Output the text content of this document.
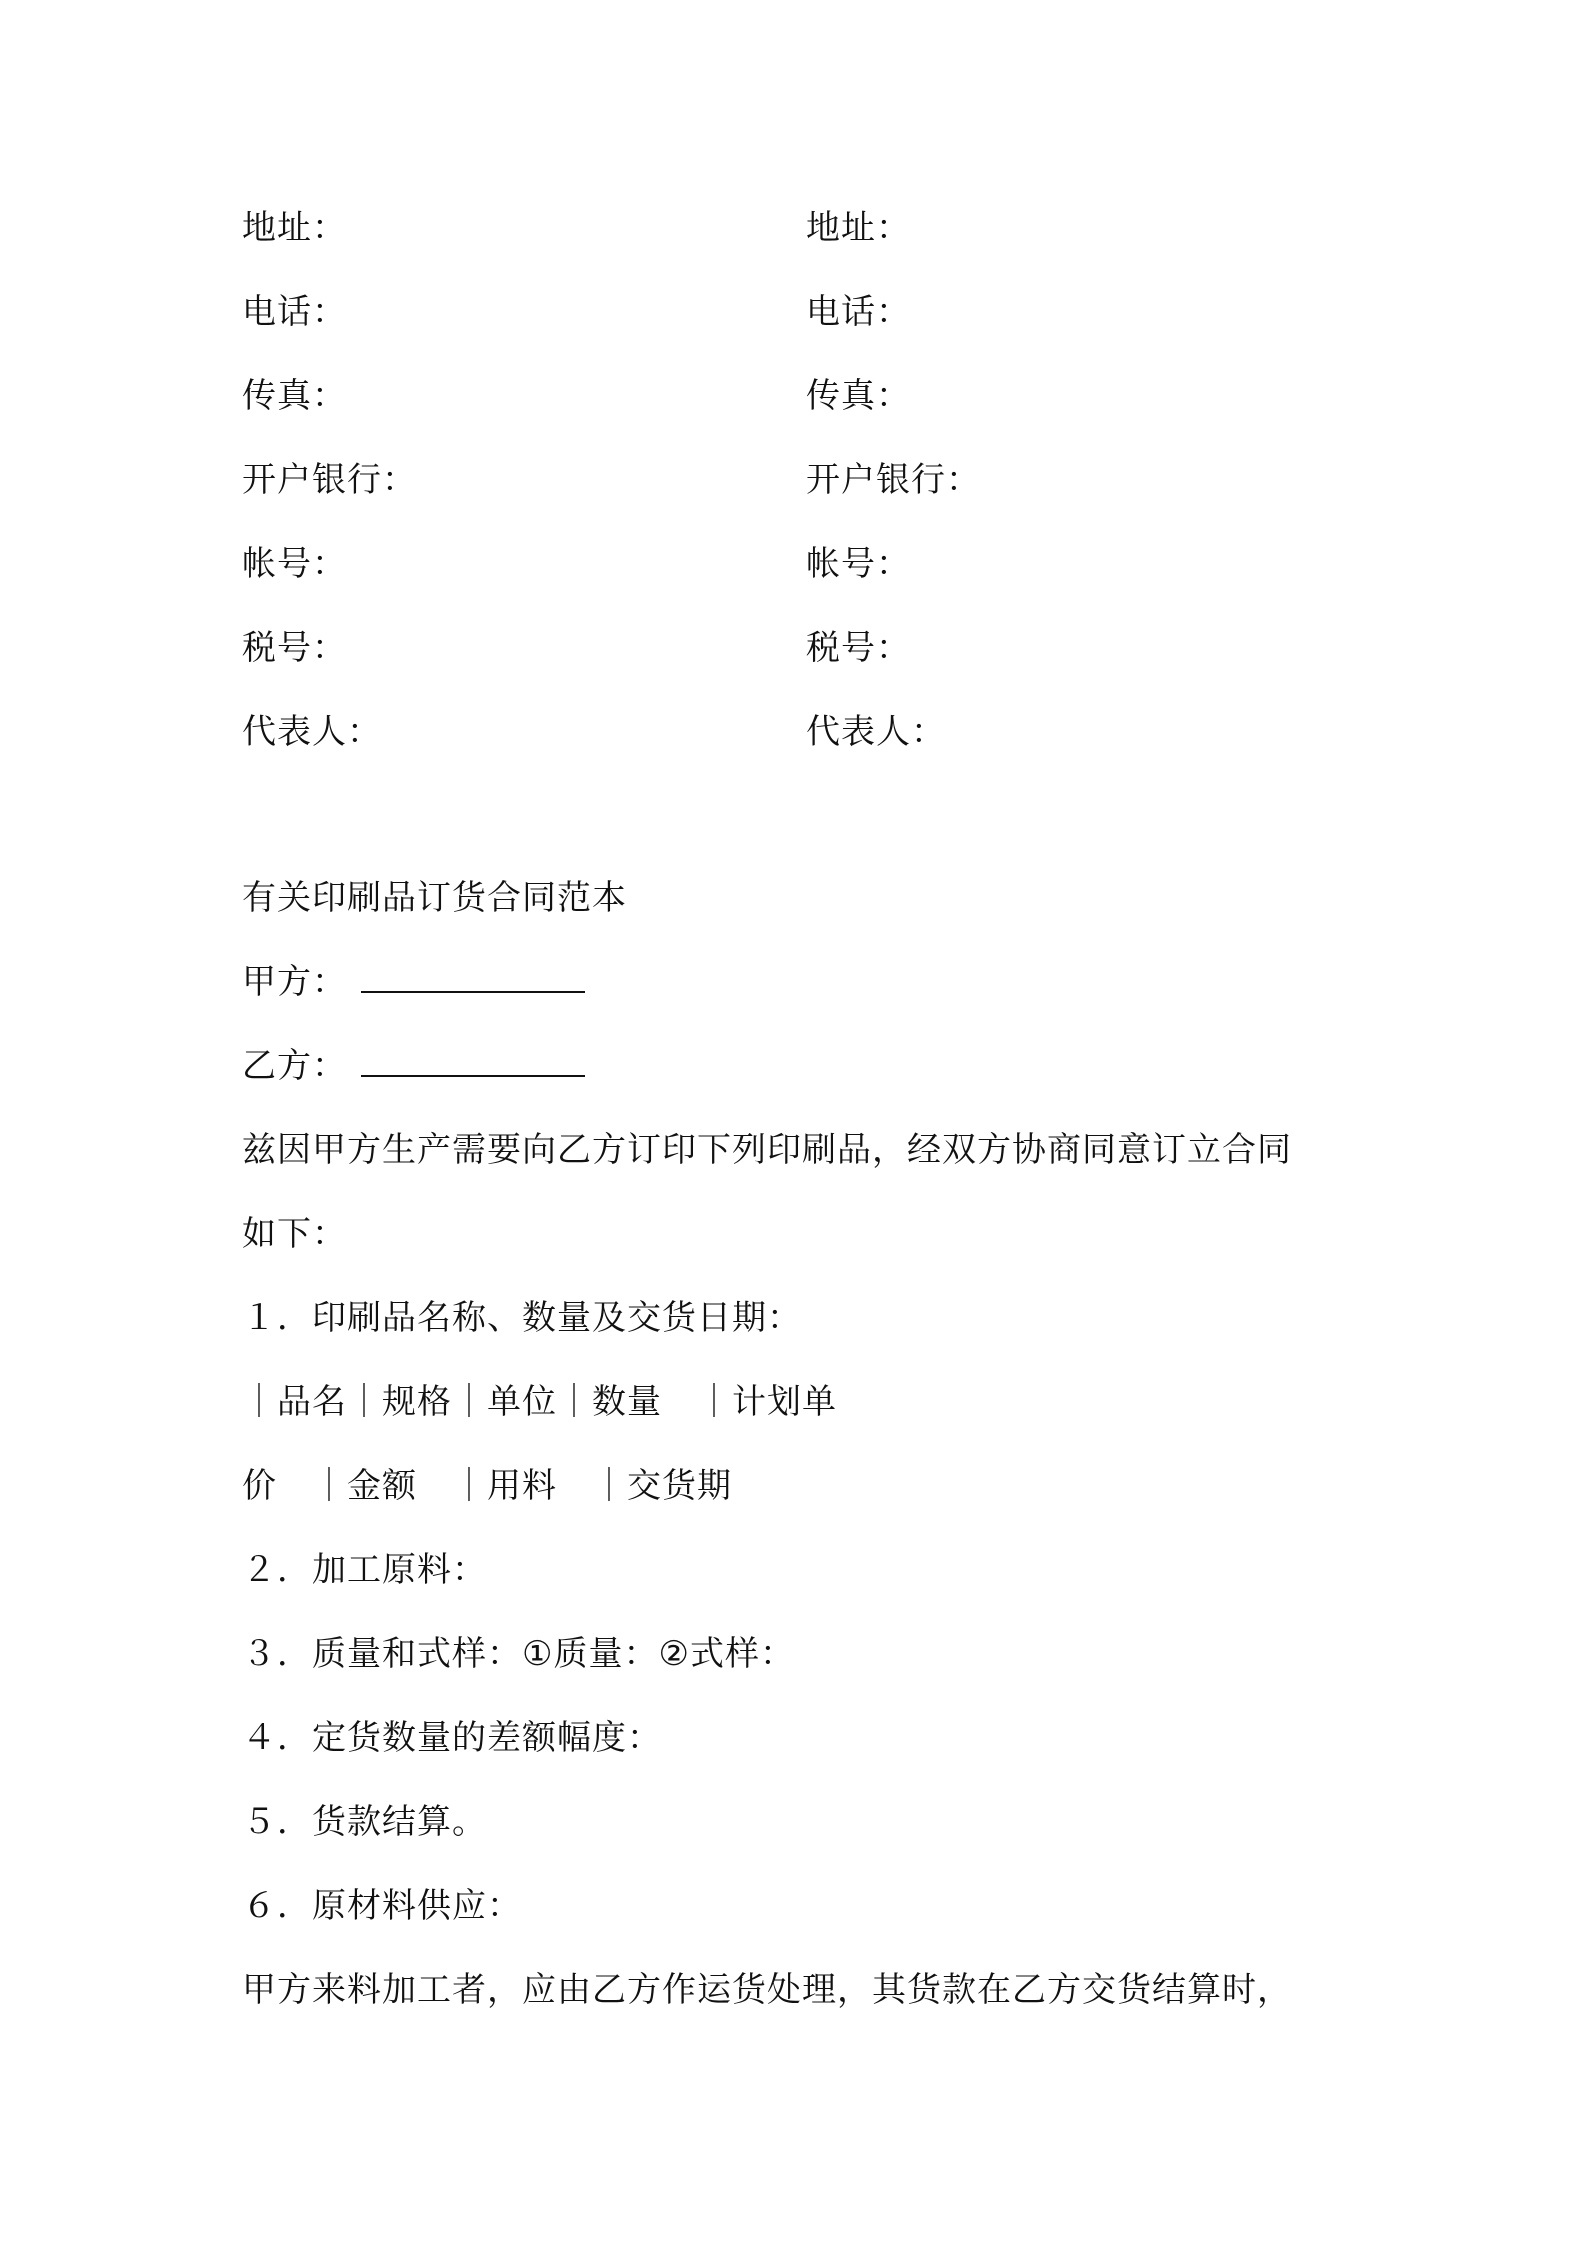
地址：
电话：
传真：
开户银行：
帐号：
税号：
代表人：
地址：
电话：
传真：
开户银行：
帐号：
税号：
代表人：
有关印刷品订货合同范本
甲方：
乙方：
兹因甲方生产需要向乙方订印下列印刷品，经双方协商同意订立合同
如下：
１．印刷品名称、数量及交货日期：
｜品名｜规格｜单位｜数量　｜计划单
价　｜金额　｜用料　｜交货期
２．加工原料：
３．质量和式样：①质量：②式样：
４．定货数量的差额幅度：
５．货款结算。
６．原材料供应：
甲方来料加工者，应由乙方作运货处理，其货款在乙方交货结算时，
